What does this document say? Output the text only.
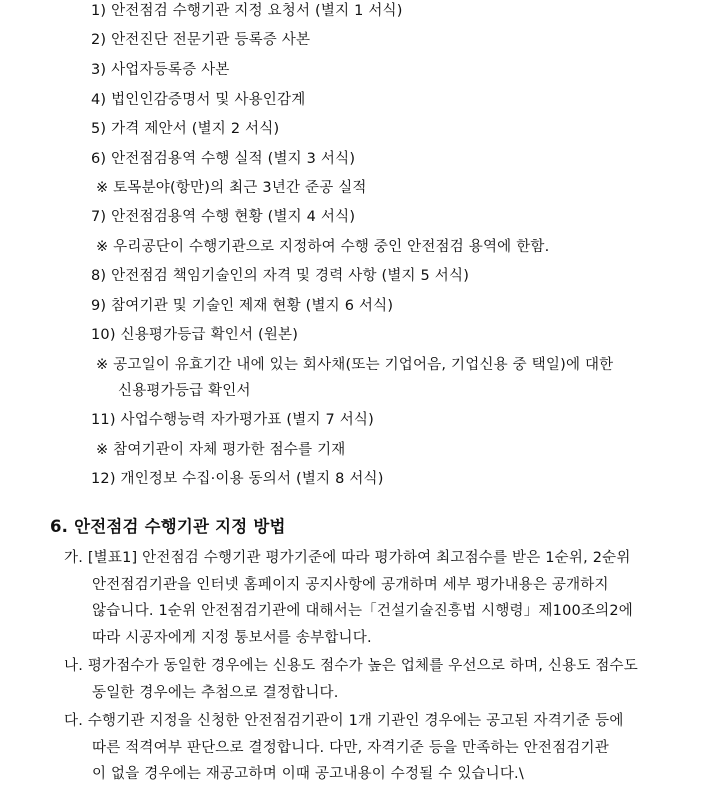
1) 안전점검 수행기관 지정 요청서 (별지 1 서식)
2) 안전진단 전문기관 등록증 사본
3) 사업자등록증 사본
4) 법인인감증명서 및 사용인감계
5) 가격 제안서 (별지 2 서식)
6) 안전점검용역 수행 실적 (별지 3 서식)
※ 토목분야(항만)의 최근 3년간 준공 실적
7) 안전점검용역 수행 현황 (별지 4 서식)
※ 우리공단이 수행기관으로 지정하여 수행 중인 안전점검 용역에 한함.
8) 안전점검 책임기술인의 자격 및 경력 사항 (별지 5 서식)
9) 참여기관 및 기술인 제재 현황 (별지 6 서식)
10) 신용평가등급 확인서 (원본)
※ 공고일이 유효기간 내에 있는 회사채(또는 기업어음, 기업신용 중 택일)에 대한
신용평가등급 확인서
11) 사업수행능력 자가평가표 (별지 7 서식)
※ 참여기관이 자체 평가한 점수를 기재
12) 개인정보 수집·이용 동의서 (별지 8 서식)
6. 안전점검 수행기관 지정 방법
가. [별표1] 안전점검 수행기관 평가기준에 따라 평가하여 최고점수를 받은 1순위, 2순위
안전점검기관을 인터넷 홈페이지 공지사항에 공개하며 세부 평가내용은 공개하지
않습니다. 1순위 안전점검기관에 대해서는「건설기술진흥법 시행령」제100조의2에
따라 시공자에게 지정 통보서를 송부합니다.
나. 평가점수가 동일한 경우에는 신용도 점수가 높은 업체를 우선으로 하며, 신용도 점수도
동일한 경우에는 추첨으로 결정합니다.
다. 수행기관 지정을 신청한 안전점검기관이 1개 기관인 경우에는 공고된 자격기준 등에
따른 적격여부 판단으로 결정합니다. 다만, 자격기준 등을 만족하는 안전점검기관
이 없을 경우에는 재공고하며 이때 공고내용이 수정될 수 있습니다.\
